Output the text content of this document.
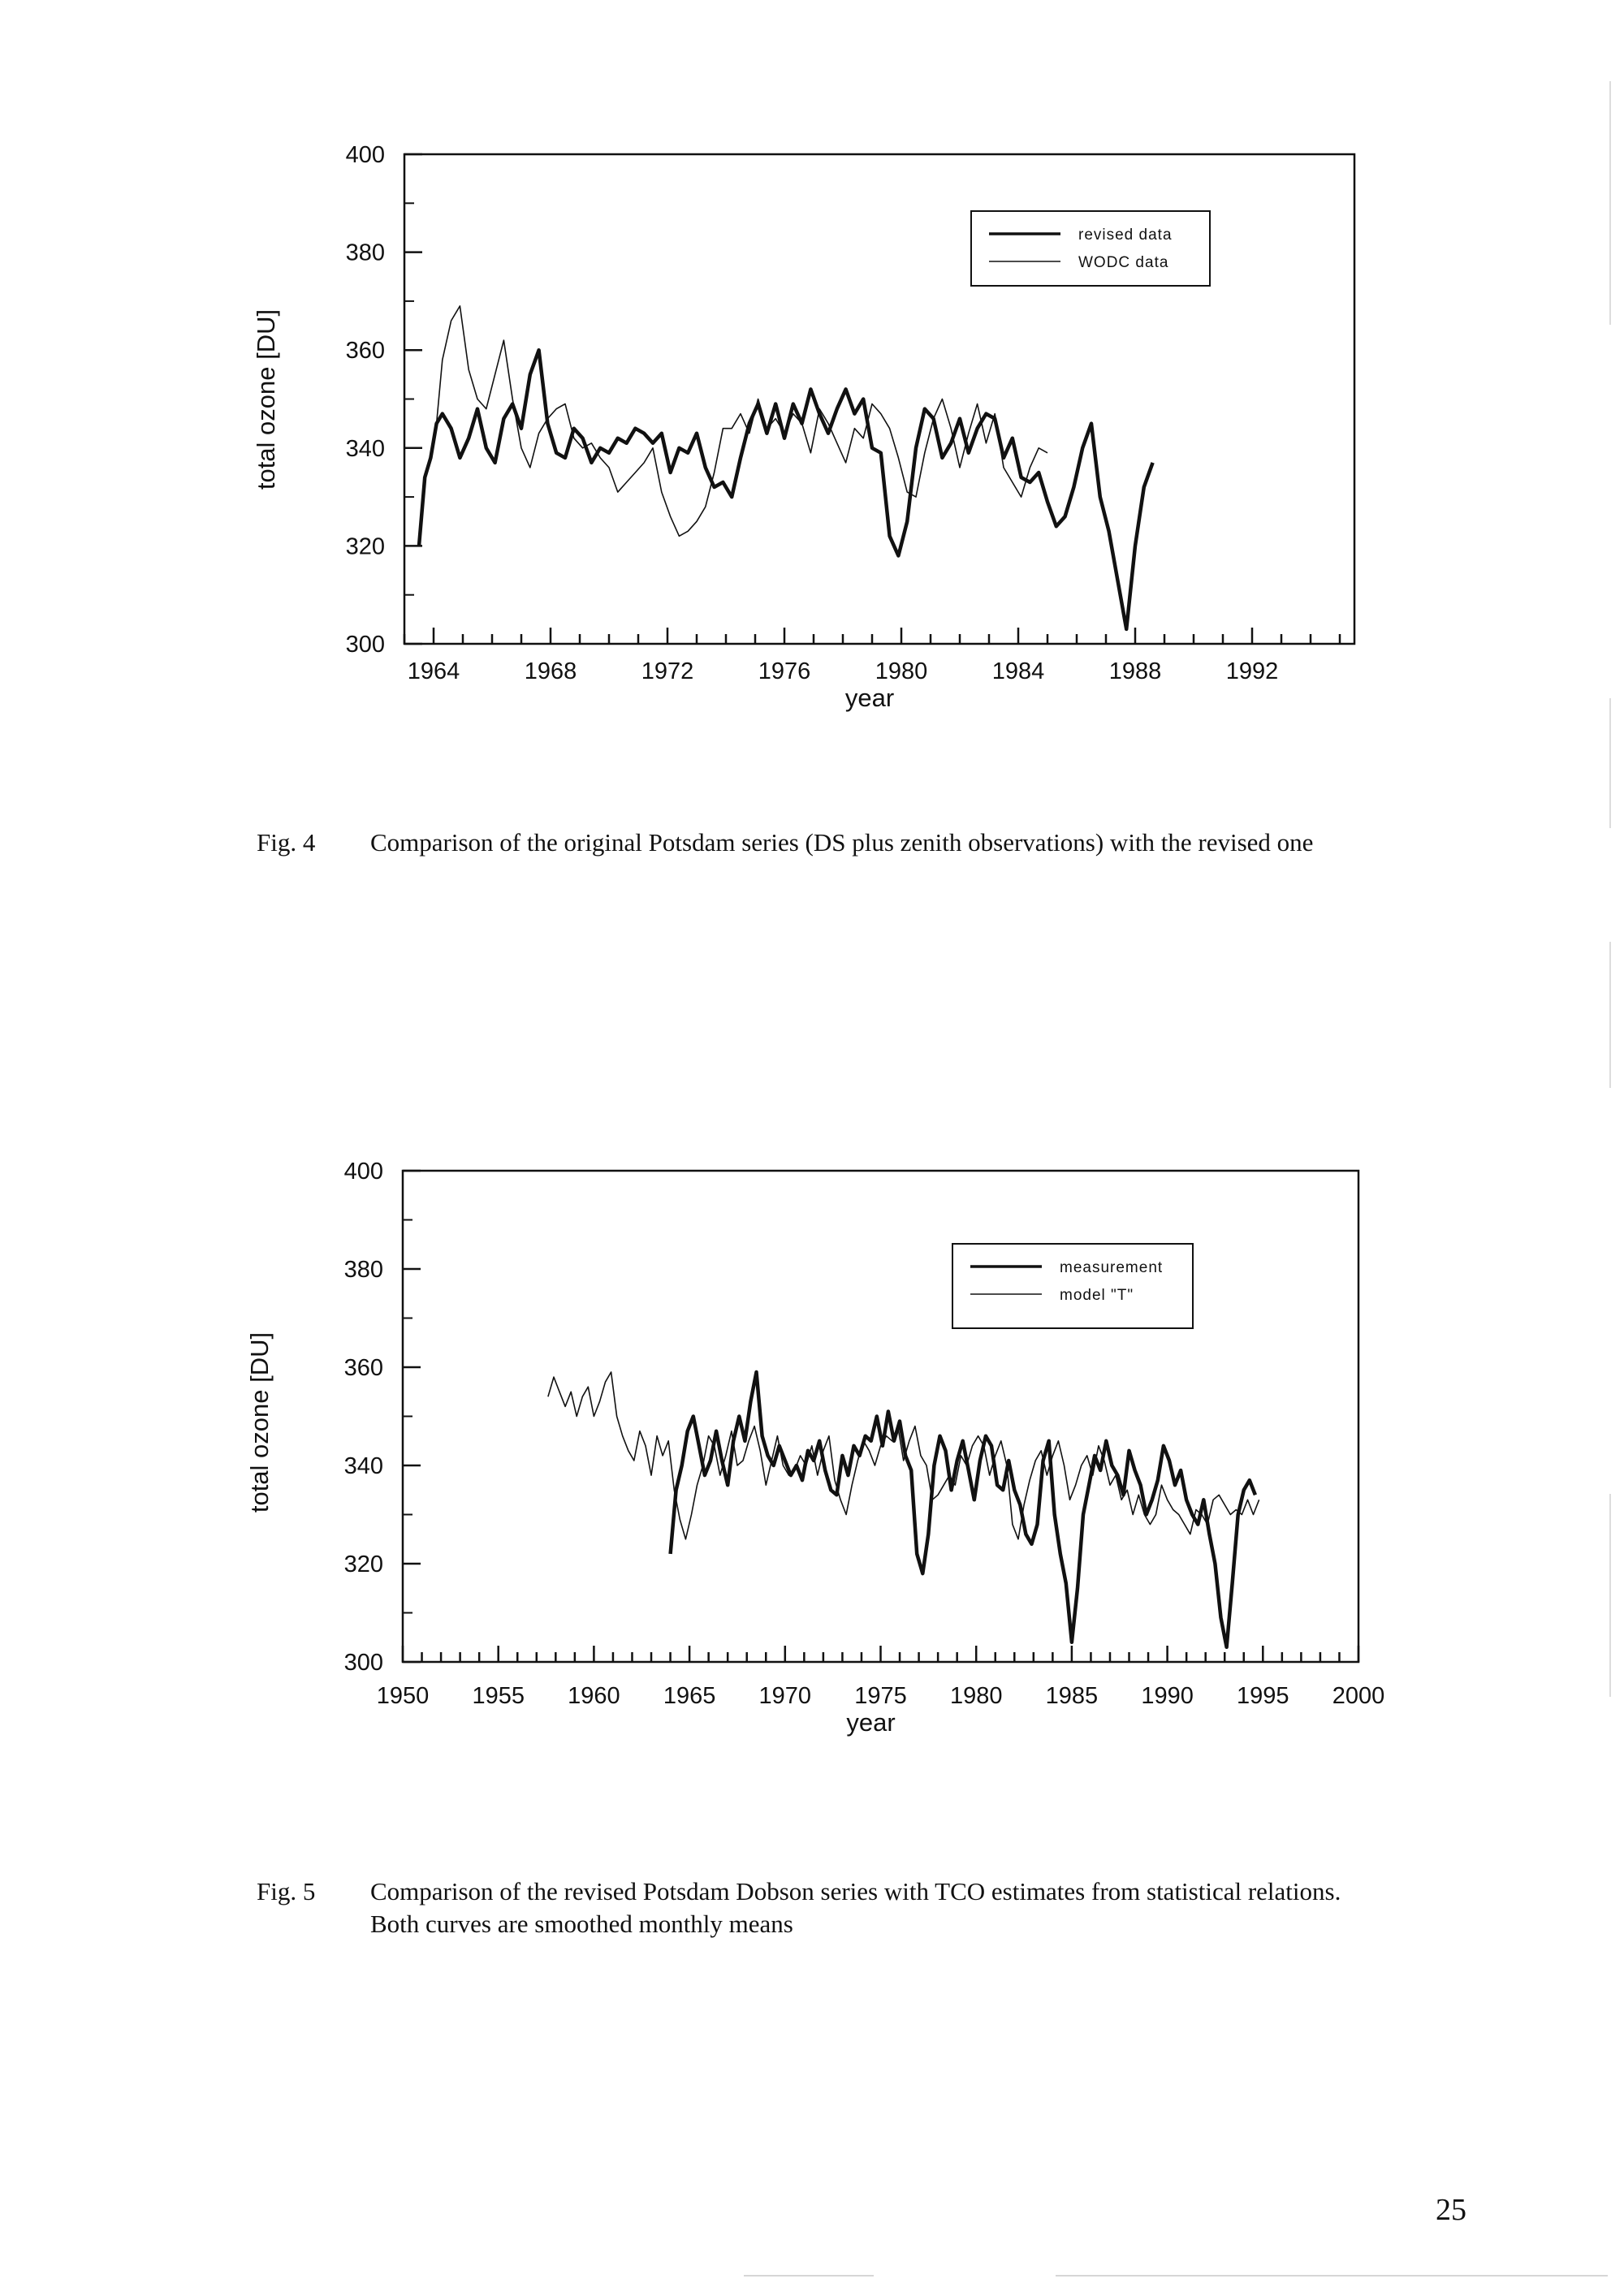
300
320
340
360
380
400
1964	1968	1972	1976	1980	1984	1988	1992
year
total ozone [DU]
revised data
WODC data
Fig. 4 Comparison of the original Potsdam series (DS plus zenith observations) with the revised one
300
320
340
360
380
400
1950 1955 1960 1965 1970 1975 1980 1985 1990 1995 2000
year
total ozone [DU]
measurement
model "T"
Fig. 5 Comparison of the revised Potsdam Dobson series with TCO estimates from statistical relations.
Both curves are smoothed monthly means
25
